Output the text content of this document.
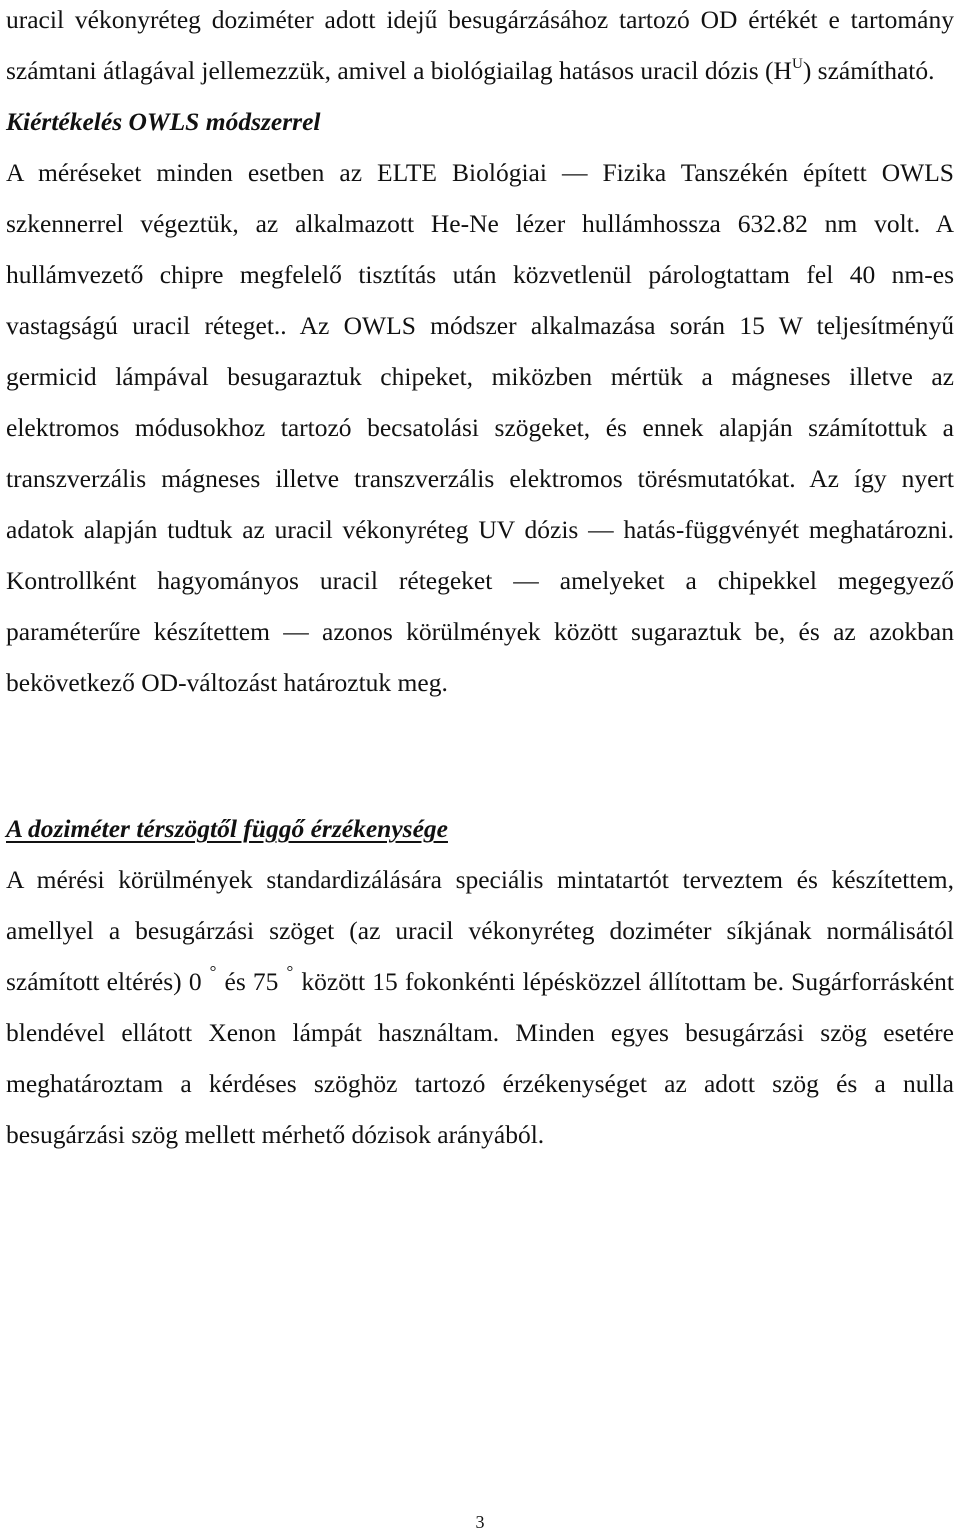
uracil vékonyréteg doziméter adott idejű besugárzásához tartozó OD értékét e tartomány számtani átlagával jellemezzük, amivel a biológiailag hatásos uracil dózis $(H^U)$ számítható.

Kiértékelés OWLS módszerrel

A méréseket minden esetben az ELTE Biológiai — Fizika Tanszékén épített OWLS szkennerrel végeztük, az alkalmazott He-Ne lézer hullámhossza 632.82 nm volt. A hullámvezető chipre megfelelő tisztítás után közvetlenül párologtattam fel 40 nm-es vastagságú uracil réteget.. Az OWLS módszer alkalmazása során 15 W teljesítményű germicid lámpával besugaraztuk chipeket, miközben mértük a mágneses illetve az elektromos módusokhoz tartozó becsatolási szögeket, és ennek alapján számítottuk a transzverzális mágneses illetve transzverzális elektromos törésmutatókat. Az így nyert adatok alapján tudtuk az uracil vékonyréteg UV dózis — hatás-függvényét meghatározni. Kontrollként hagyományos uracil rétegeket — amelyeket a chipekkel megegyező paraméterűre készítettem — azonos körülmények között sugaraztuk be, és az azokban bekövetkező OD-változást határoztuk meg.

A doziméter térszögtől függő érzékenysége

A mérési körülmények standardizálására speciális mintatartót terveztem és készítettem, amellyel a besugárzási szöget (az uracil vékonyréteg doziméter síkjának normálisától számított eltérés) 0 ° és 75 ° között 15 fokonkénti lépésközzel állítottam be. Sugárforrásként blendével ellátott Xenon lámpát használtam. Minden egyes besugárzási szög esetére meghatároztam a kérdéses szöghöz tartozó érzékenységet az adott szög és a nulla besugárzási szög mellett mérhető dózisok arányából.

3
